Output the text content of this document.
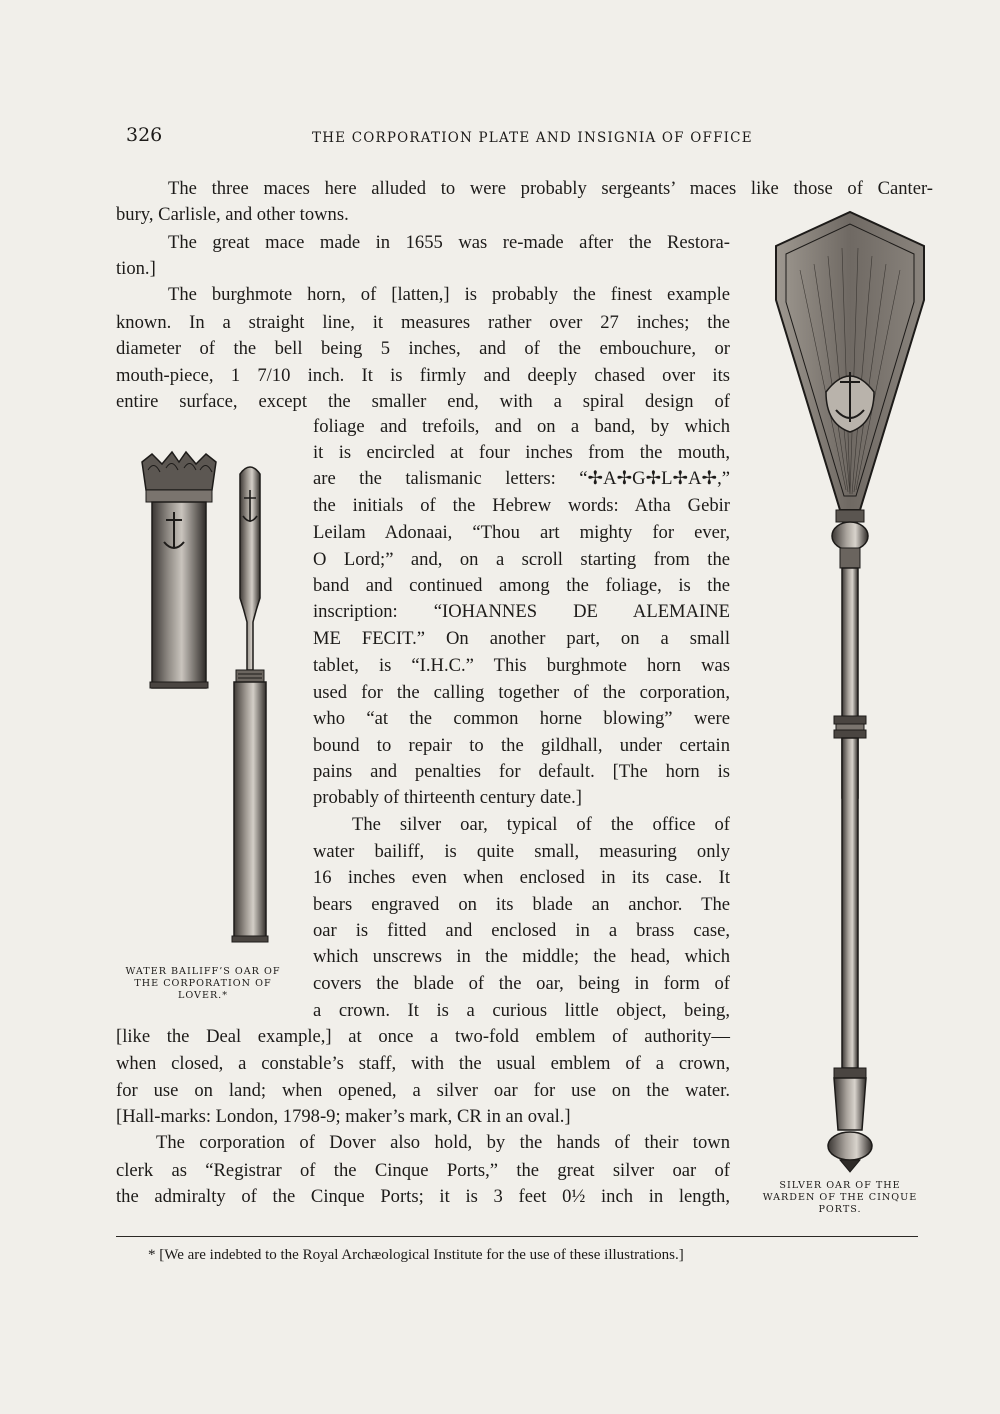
326	THE CORPORATION PLATE AND INSIGNIA OF OFFICE
The three maces here alluded to were probably sergeants’ maces like those of Canter-
bury, Carlisle, and other towns.
The great mace made in 1655 was re-made after the Restora-
tion.]
The burghmote horn, of [latten,] is probably the finest example
known. In a straight line, it measures rather over 27 inches; the
diameter of the bell being 5 inches, and of the embouchure, or
mouth-piece, 1 7/10 inch. It is firmly and deeply chased over its
entire surface, except the smaller end, with a spiral design of
foliage and trefoils, and on a band, by which
it is encircled at four inches from the mouth,
are the talismanic letters: “✢A✢G✢L✢A✢,”
the initials of the Hebrew words: Atha Gebir
Leilam Adonaai, “Thou art mighty for ever,
O Lord;” and, on a scroll starting from the
band and continued among the foliage, is the
inscription: “IOHANNES DE ALEMAINE
ME FECIT.” On another part, on a small
tablet, is “I.H.C.” This burghmote horn was
used for the calling together of the corporation,
who “at the common horne blowing” were
bound to repair to the gildhall, under certain
pains and penalties for default. [The horn is
probably of thirteenth century date.]
The silver oar, typical of the office of
water bailiff, is quite small, measuring only
16 inches even when enclosed in its case. It
bears engraved on its blade an anchor. The
oar is fitted and enclosed in a brass case,
which unscrews in the middle; the head, which
covers the blade of the oar, being in form of
a crown. It is a curious little object, being,
[like the Deal example,] at once a two-fold emblem of authority—
when closed, a constable’s staff, with the usual emblem of a crown,
for use on land; when opened, a silver oar for use on the water.
[Hall-marks: London, 1798-9; maker’s mark, CR in an oval.]
The corporation of Dover also hold, by the hands of their town
clerk as “Registrar of the Cinque Ports,” the great silver oar of
the admiralty of the Cinque Ports; it is 3 feet 0½ inch in length,
WATER BAILIFF’S OAR OF
THE CORPORATION OF
LOVER.*
SILVER OAR OF THE
WARDEN OF THE CINQUE
PORTS.
* [We are indebted to the Royal Archæological Institute for the use of these illustrations.]
